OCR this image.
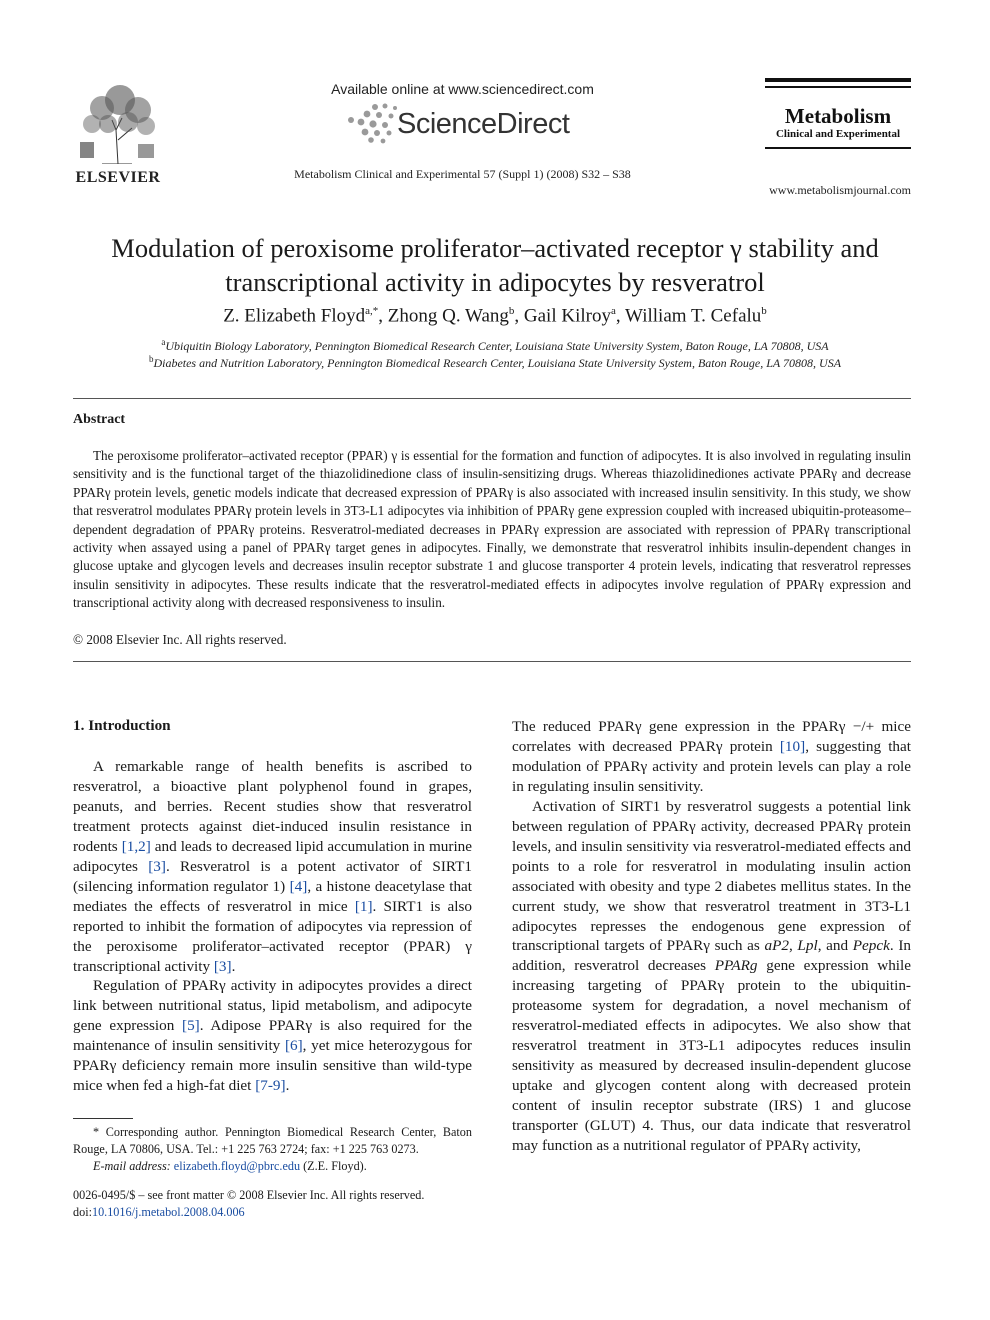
ELSEVIER
Available online at www.sciencedirect.com
ScienceDirect
Metabolism Clinical and Experimental 57 (Suppl 1) (2008) S32 – S38
Metabolism
Clinical and Experimental
www.metabolismjournal.com
Modulation of peroxisome proliferator–activated receptor γ stability and
transcriptional activity in adipocytes by resveratrol
Z. Elizabeth Floyd$^{a,*}$, Zhong Q. Wang$^b$, Gail Kilroy$^a$, William T. Cefalu$^b$
$^a$Ubiquitin Biology Laboratory, Pennington Biomedical Research Center, Louisiana State University System, Baton Rouge, LA 70808, USA
$^b$Diabetes and Nutrition Laboratory, Pennington Biomedical Research Center, Louisiana State University System, Baton Rouge, LA 70808, USA
Abstract
The peroxisome proliferator–activated receptor (PPAR) γ is essential for the formation and function of adipocytes. It is also involved in regulating insulin sensitivity and is the functional target of the thiazolidinedione class of insulin-sensitizing drugs. Whereas thiazolidinediones activate PPARγ and decrease PPARγ protein levels, genetic models indicate that decreased expression of PPARγ is also associated with increased insulin sensitivity. In this study, we show that resveratrol modulates PPARγ protein levels in 3T3-L1 adipocytes via inhibition of PPARγ gene expression coupled with increased ubiquitin-proteasome–dependent degradation of PPARγ proteins. Resveratrol-mediated decreases in PPARγ expression are associated with repression of PPARγ transcriptional activity when assayed using a panel of PPARγ target genes in adipocytes. Finally, we demonstrate that resveratrol inhibits insulin-dependent changes in glucose uptake and glycogen levels and decreases insulin receptor substrate 1 and glucose transporter 4 protein levels, indicating that resveratrol represses insulin sensitivity in adipocytes. These results indicate that the resveratrol-mediated effects in adipocytes involve regulation of PPARγ expression and transcriptional activity along with decreased responsiveness to insulin.
© 2008 Elsevier Inc. All rights reserved.
1. Introduction

A remarkable range of health benefits is ascribed to resveratrol, a bioactive plant polyphenol found in grapes, peanuts, and berries. Recent studies show that resveratrol treatment protects against diet-induced insulin resistance in rodents [1,2] and leads to decreased lipid accumulation in murine adipocytes [3]. Resveratrol is a potent activator of SIRT1 (silencing information regulator 1) [4], a histone deacetylase that mediates the effects of resveratrol in mice [1]. SIRT1 is also reported to inhibit the formation of adipocytes via repression of the peroxisome proliferator–activated receptor (PPAR) γ transcriptional activity [3].

Regulation of PPARγ activity in adipocytes provides a direct link between nutritional status, lipid metabolism, and adipocyte gene expression [5]. Adipose PPARγ is also required for the maintenance of insulin sensitivity [6], yet mice heterozygous for PPARγ deficiency remain more insulin sensitive than wild-type mice when fed a high-fat diet [7-9].

* Corresponding author. Pennington Biomedical Research Center, Baton Rouge, LA 70806, USA. Tel.: +1 225 763 2724; fax: +1 225 763 0273.

E-mail address: elizabeth.floyd@pbrc.edu (Z.E. Floyd).

0026-0495/$ – see front matter © 2008 Elsevier Inc. All rights reserved.
doi:10.1016/j.metabol.2008.04.006

The reduced PPARγ gene expression in the PPARγ −/+ mice correlates with decreased PPARγ protein [10], suggesting that modulation of PPARγ activity and protein levels can play a role in regulating insulin sensitivity.

Activation of SIRT1 by resveratrol suggests a potential link between regulation of PPARγ activity, decreased PPARγ protein levels, and insulin sensitivity via resveratrol-mediated effects and points to a role for resveratrol in modulating insulin action associated with obesity and type 2 diabetes mellitus states. In the current study, we show that resveratrol treatment in 3T3-L1 adipocytes represses the endogenous gene expression of transcriptional targets of PPARγ such as aP2, Lpl, and Pepck. In addition, resveratrol decreases PPARg gene expression while increasing targeting of PPARγ protein to the ubiquitin-proteasome system for degradation, a novel mechanism of resveratrol-mediated effects in adipocytes. We also show that resveratrol treatment in 3T3-L1 adipocytes reduces insulin sensitivity as measured by decreased insulin-dependent glucose uptake and glycogen content along with decreased protein content of insulin receptor substrate (IRS) 1 and glucose transporter (GLUT) 4. Thus, our data indicate that resveratrol may function as a nutritional regulator of PPARγ activity,
